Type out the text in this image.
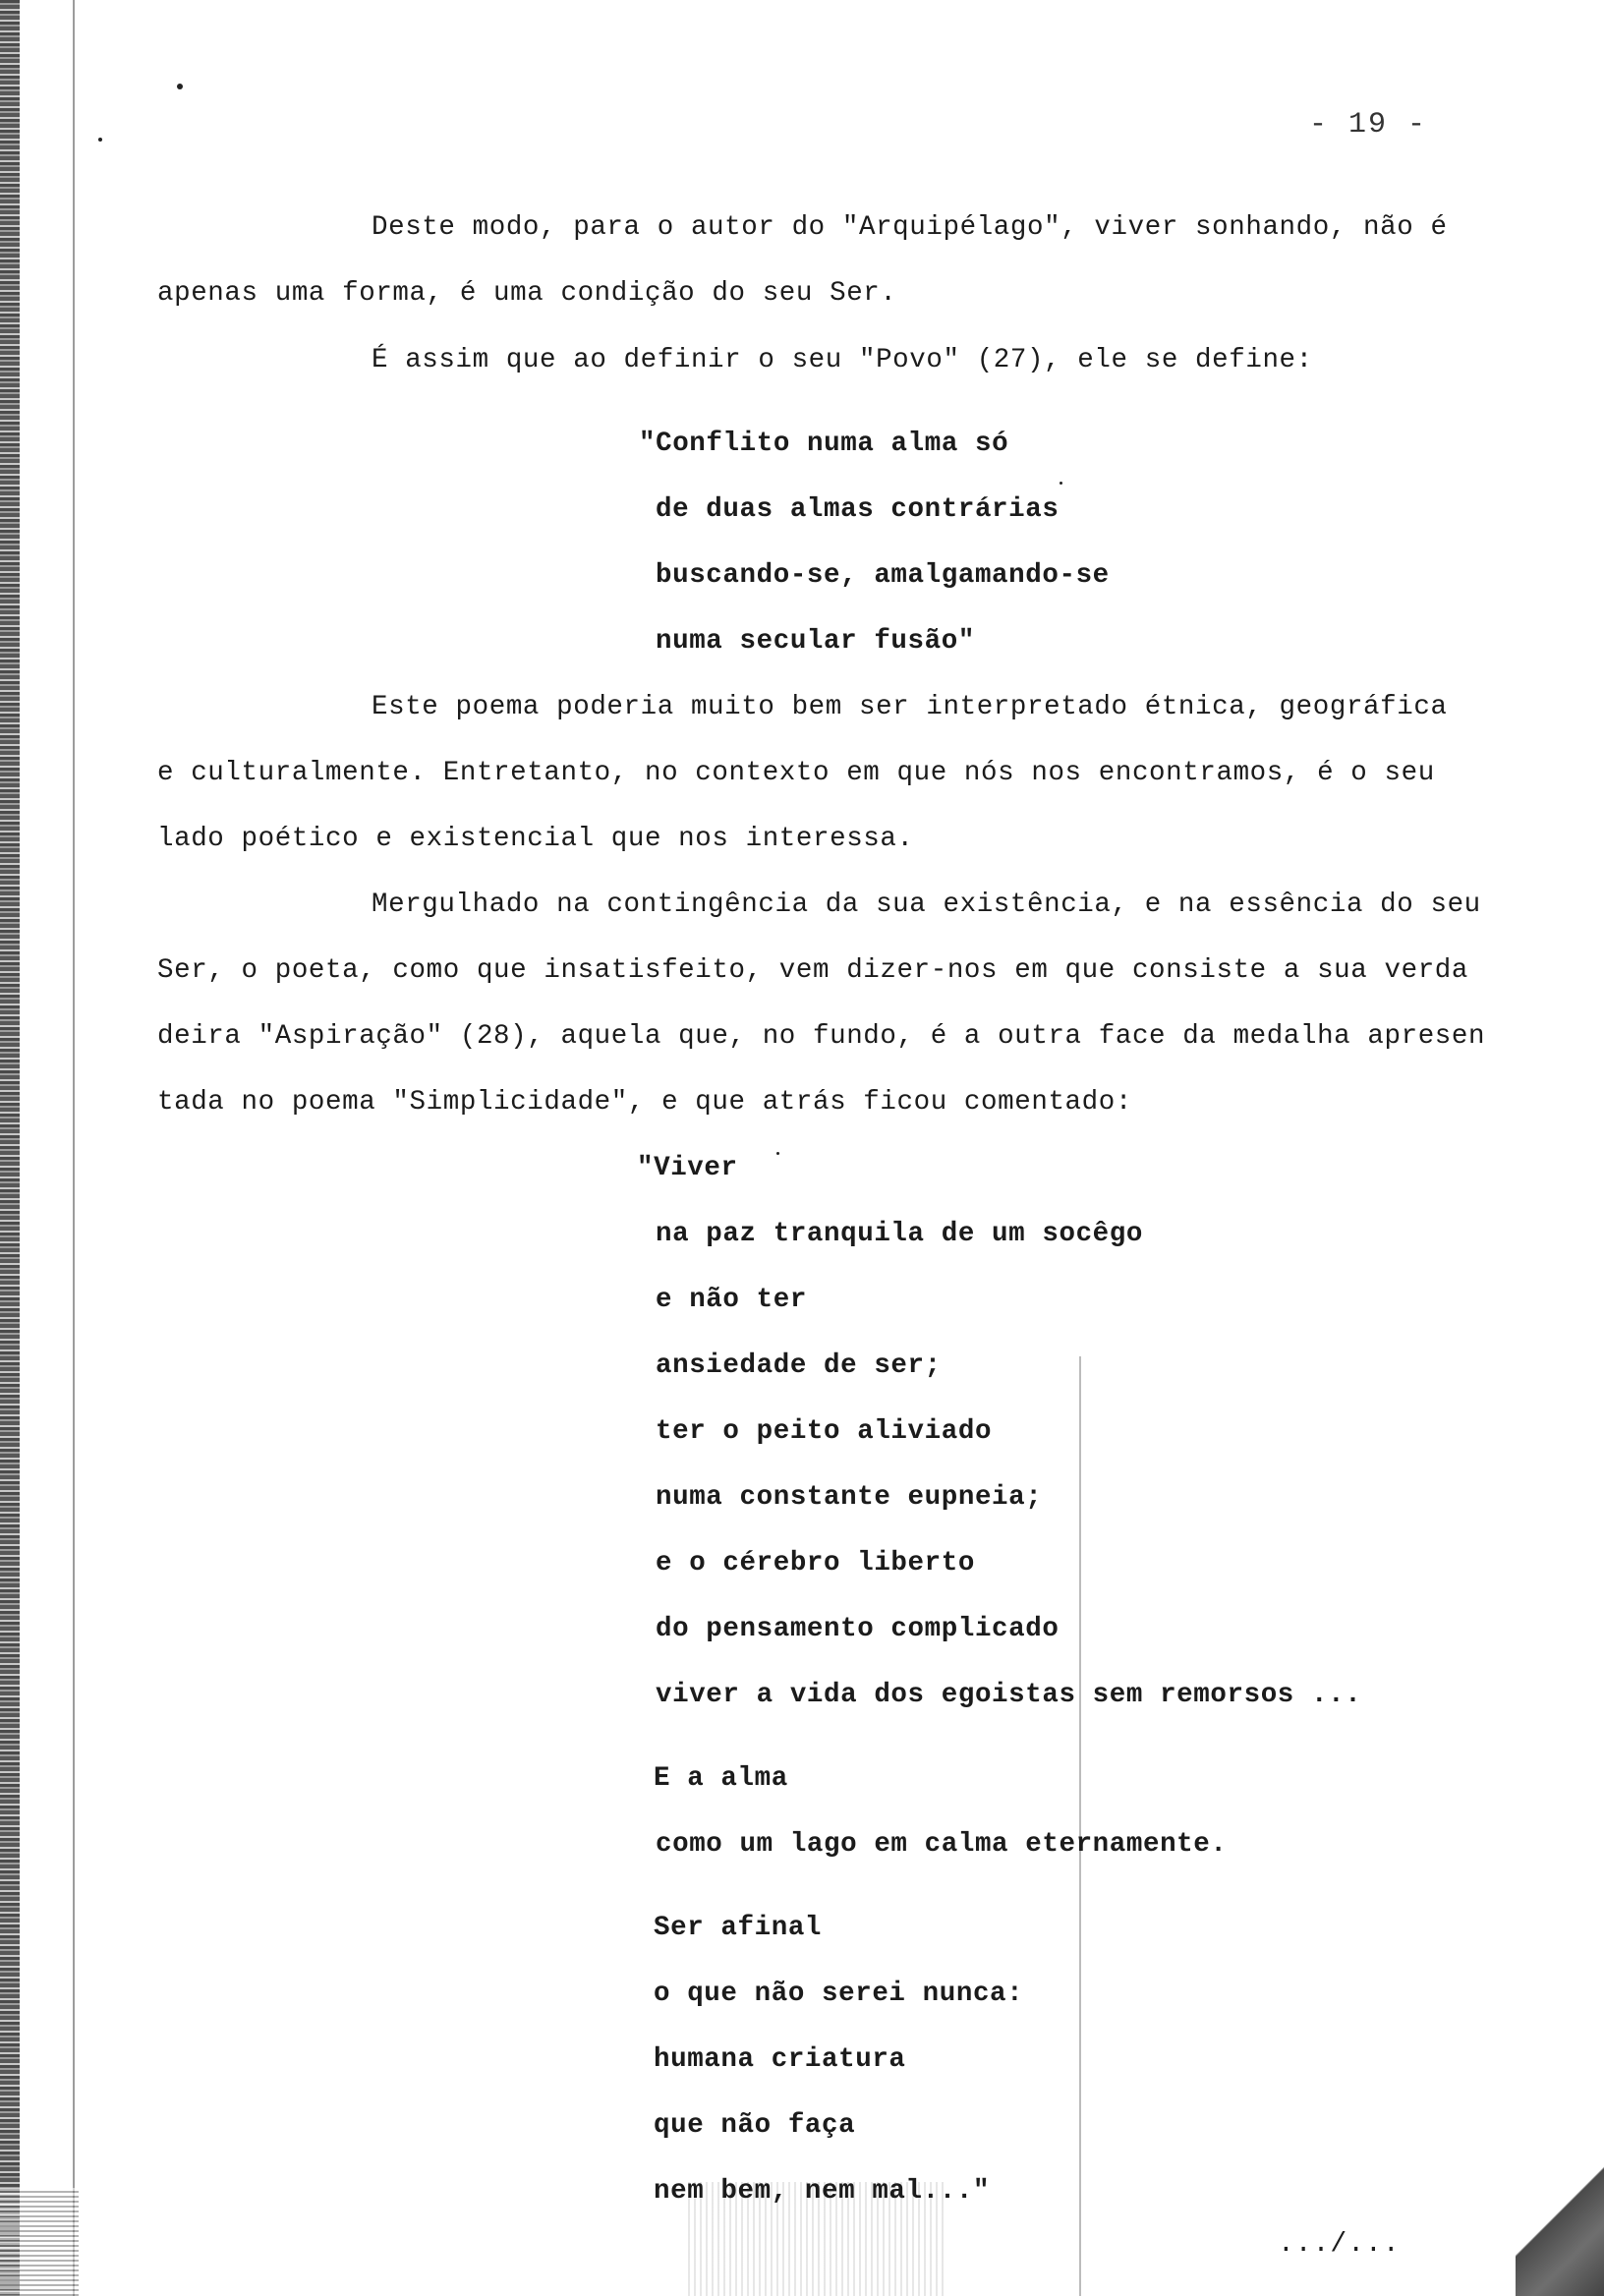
- 19 -
Deste modo, para o autor do "Arquipélago", viver sonhando, não é
apenas uma forma, é uma condição do seu Ser.
É assim que ao definir o seu "Povo" (27), ele se define:
"Conflito numa alma só
de duas almas contrárias
buscando-se, amalgamando-se
numa secular fusão"
Este poema poderia muito bem ser interpretado étnica, geográfica
e culturalmente. Entretanto, no contexto em que nós nos encontramos, é o seu
lado poético e existencial que nos interessa.
Mergulhado na contingência da sua existência, e na essência do seu
Ser, o poeta, como que insatisfeito, vem dizer-nos em que consiste a sua verda
deira "Aspiração" (28), aquela que, no fundo, é a outra face da medalha apresen
tada no poema "Simplicidade", e que atrás ficou comentado:
"Viver
na paz tranquila de um socêgo
e não ter
ansiedade de ser;
ter o peito aliviado
numa constante eupneia;
e o cérebro liberto
do pensamento complicado
viver a vida dos egoistas sem remorsos ...
E a alma
como um lago em calma eternamente.
Ser afinal
o que não serei nunca:
humana criatura
que não faça
nem bem, nem mal..."
.../...
